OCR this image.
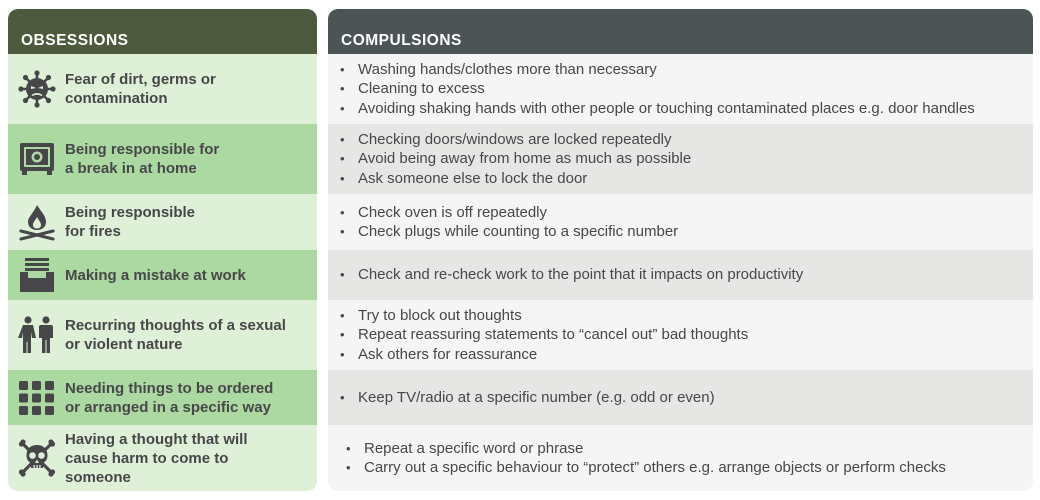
OBSESSIONS
Fear of dirt, germs or
contamination
Being responsible for
a break in at home
Being responsible
for fires
Making a mistake at work
Recurring thoughts of a sexual
or violent nature
Needing things to be ordered
or arranged in a specific way
Having a thought that will
cause harm to come to
someone
COMPULSIONS
• Washing hands/clothes more than necessary
• Cleaning to excess
• Avoiding shaking hands with other people or touching contaminated places e.g. door handles
• Checking doors/windows are locked repeatedly
• Avoid being away from home as much as possible
• Ask someone else to lock the door
• Check oven is off repeatedly
• Check plugs while counting to a specific number
• Check and re-check work to the point that it impacts on productivity
• Try to block out thoughts
• Repeat reassuring statements to “cancel out” bad thoughts
• Ask others for reassurance
• Keep TV/radio at a specific number (e.g. odd or even)
• Repeat a specific word or phrase
• Carry out a specific behaviour to “protect” others e.g. arrange objects or perform checks
